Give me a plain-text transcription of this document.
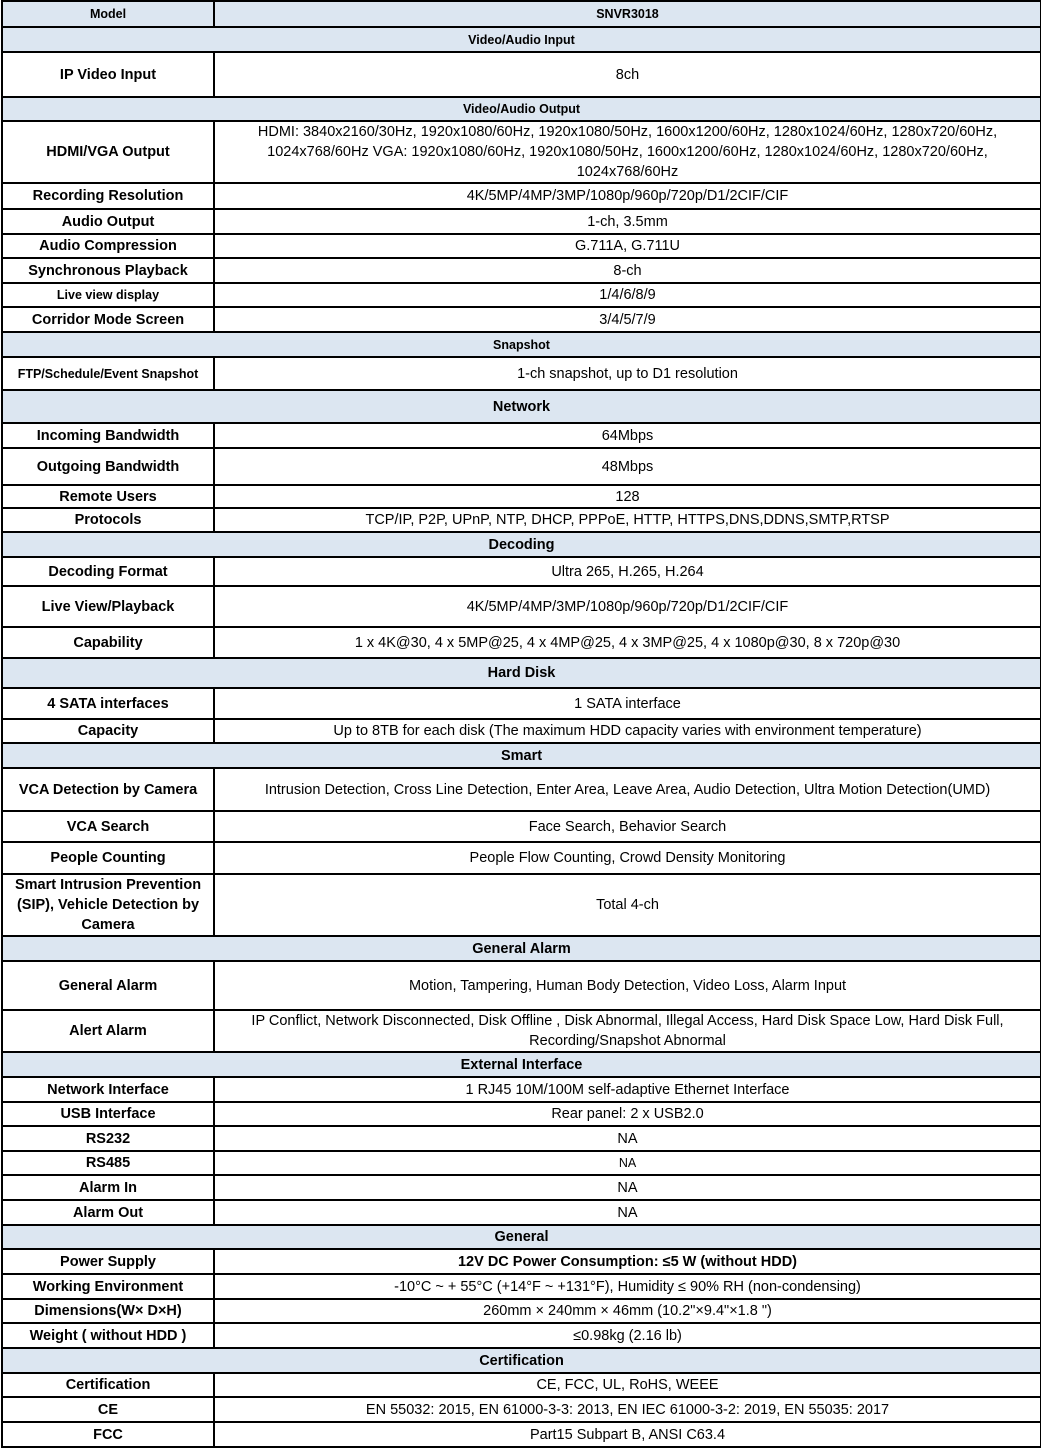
Model	SNVR3018
Video/Audio Input	
IP Video Input	8ch
Video/Audio Output	
HDMI/VGA Output	HDMI: 3840x2160/30Hz, 1920x1080/60Hz, 1920x1080/50Hz, 1600x1200/60Hz, 1280x1024/60Hz, 1280x720/60Hz, 1024x768/60Hz VGA: 1920x1080/60Hz, 1920x1080/50Hz, 1600x1200/60Hz, 1280x1024/60Hz, 1280x720/60Hz, 1024x768/60Hz
Recording Resolution	4K/5MP/4MP/3MP/1080p/960p/720p/D1/2CIF/CIF
Audio Output	1-ch, 3.5mm
Audio Compression	G.711A, G.711U
Synchronous Playback	8-ch
Live view display	1/4/6/8/9
Corridor Mode Screen	3/4/5/7/9
Snapshot	
FTP/Schedule/Event Snapshot	1-ch snapshot, up to D1 resolution
Network	
Incoming Bandwidth	64Mbps
Outgoing Bandwidth	48Mbps
Remote Users	128
Protocols	TCP/IP, P2P, UPnP, NTP, DHCP, PPPoE, HTTP, HTTPS,DNS,DDNS,SMTP,RTSP
Decoding	
Decoding Format	Ultra 265, H.265, H.264
Live View/Playback	4K/5MP/4MP/3MP/1080p/960p/720p/D1/2CIF/CIF
Capability	1 x 4K@30, 4 x 5MP@25, 4 x 4MP@25, 4 x 3MP@25, 4 x 1080p@30, 8 x 720p@30
Hard Disk	
4 SATA interfaces	1 SATA interface
Capacity	Up to 8TB for each disk (The maximum HDD capacity varies with environment temperature)
Smart	
VCA Detection by Camera	Intrusion Detection, Cross Line Detection, Enter Area, Leave Area, Audio Detection, Ultra Motion Detection(UMD)
VCA Search	Face Search, Behavior Search
People Counting	People Flow Counting, Crowd Density Monitoring
Smart Intrusion Prevention (SIP), Vehicle Detection by Camera	Total 4-ch
General Alarm	
General Alarm	Motion, Tampering, Human Body Detection, Video Loss, Alarm Input
Alert Alarm	IP Conflict, Network Disconnected, Disk Offline , Disk Abnormal, Illegal Access, Hard Disk Space Low, Hard Disk Full, Recording/Snapshot Abnormal
External Interface	
Network Interface	1 RJ45 10M/100M self-adaptive Ethernet Interface
USB Interface	Rear panel: 2 x USB2.0
RS232	NA
RS485	NA
Alarm In	NA
Alarm Out	NA
General	
Power Supply	12V DC Power Consumption: ≤5 W (without HDD)
Working Environment	-10°C ~ + 55°C (+14°F ~ +131°F), Humidity ≤ 90% RH (non-condensing)
Dimensions(W× D×H)	260mm × 240mm × 46mm (10.2"×9.4"×1.8 ")
Weight ( without HDD )	≤0.98kg (2.16 lb)
Certification	
Certification	CE, FCC, UL, RoHS, WEEE
CE	EN 55032: 2015, EN 61000-3-3: 2013, EN IEC 61000-3-2: 2019, EN 55035: 2017
FCC	Part15 Subpart B, ANSI C63.4
